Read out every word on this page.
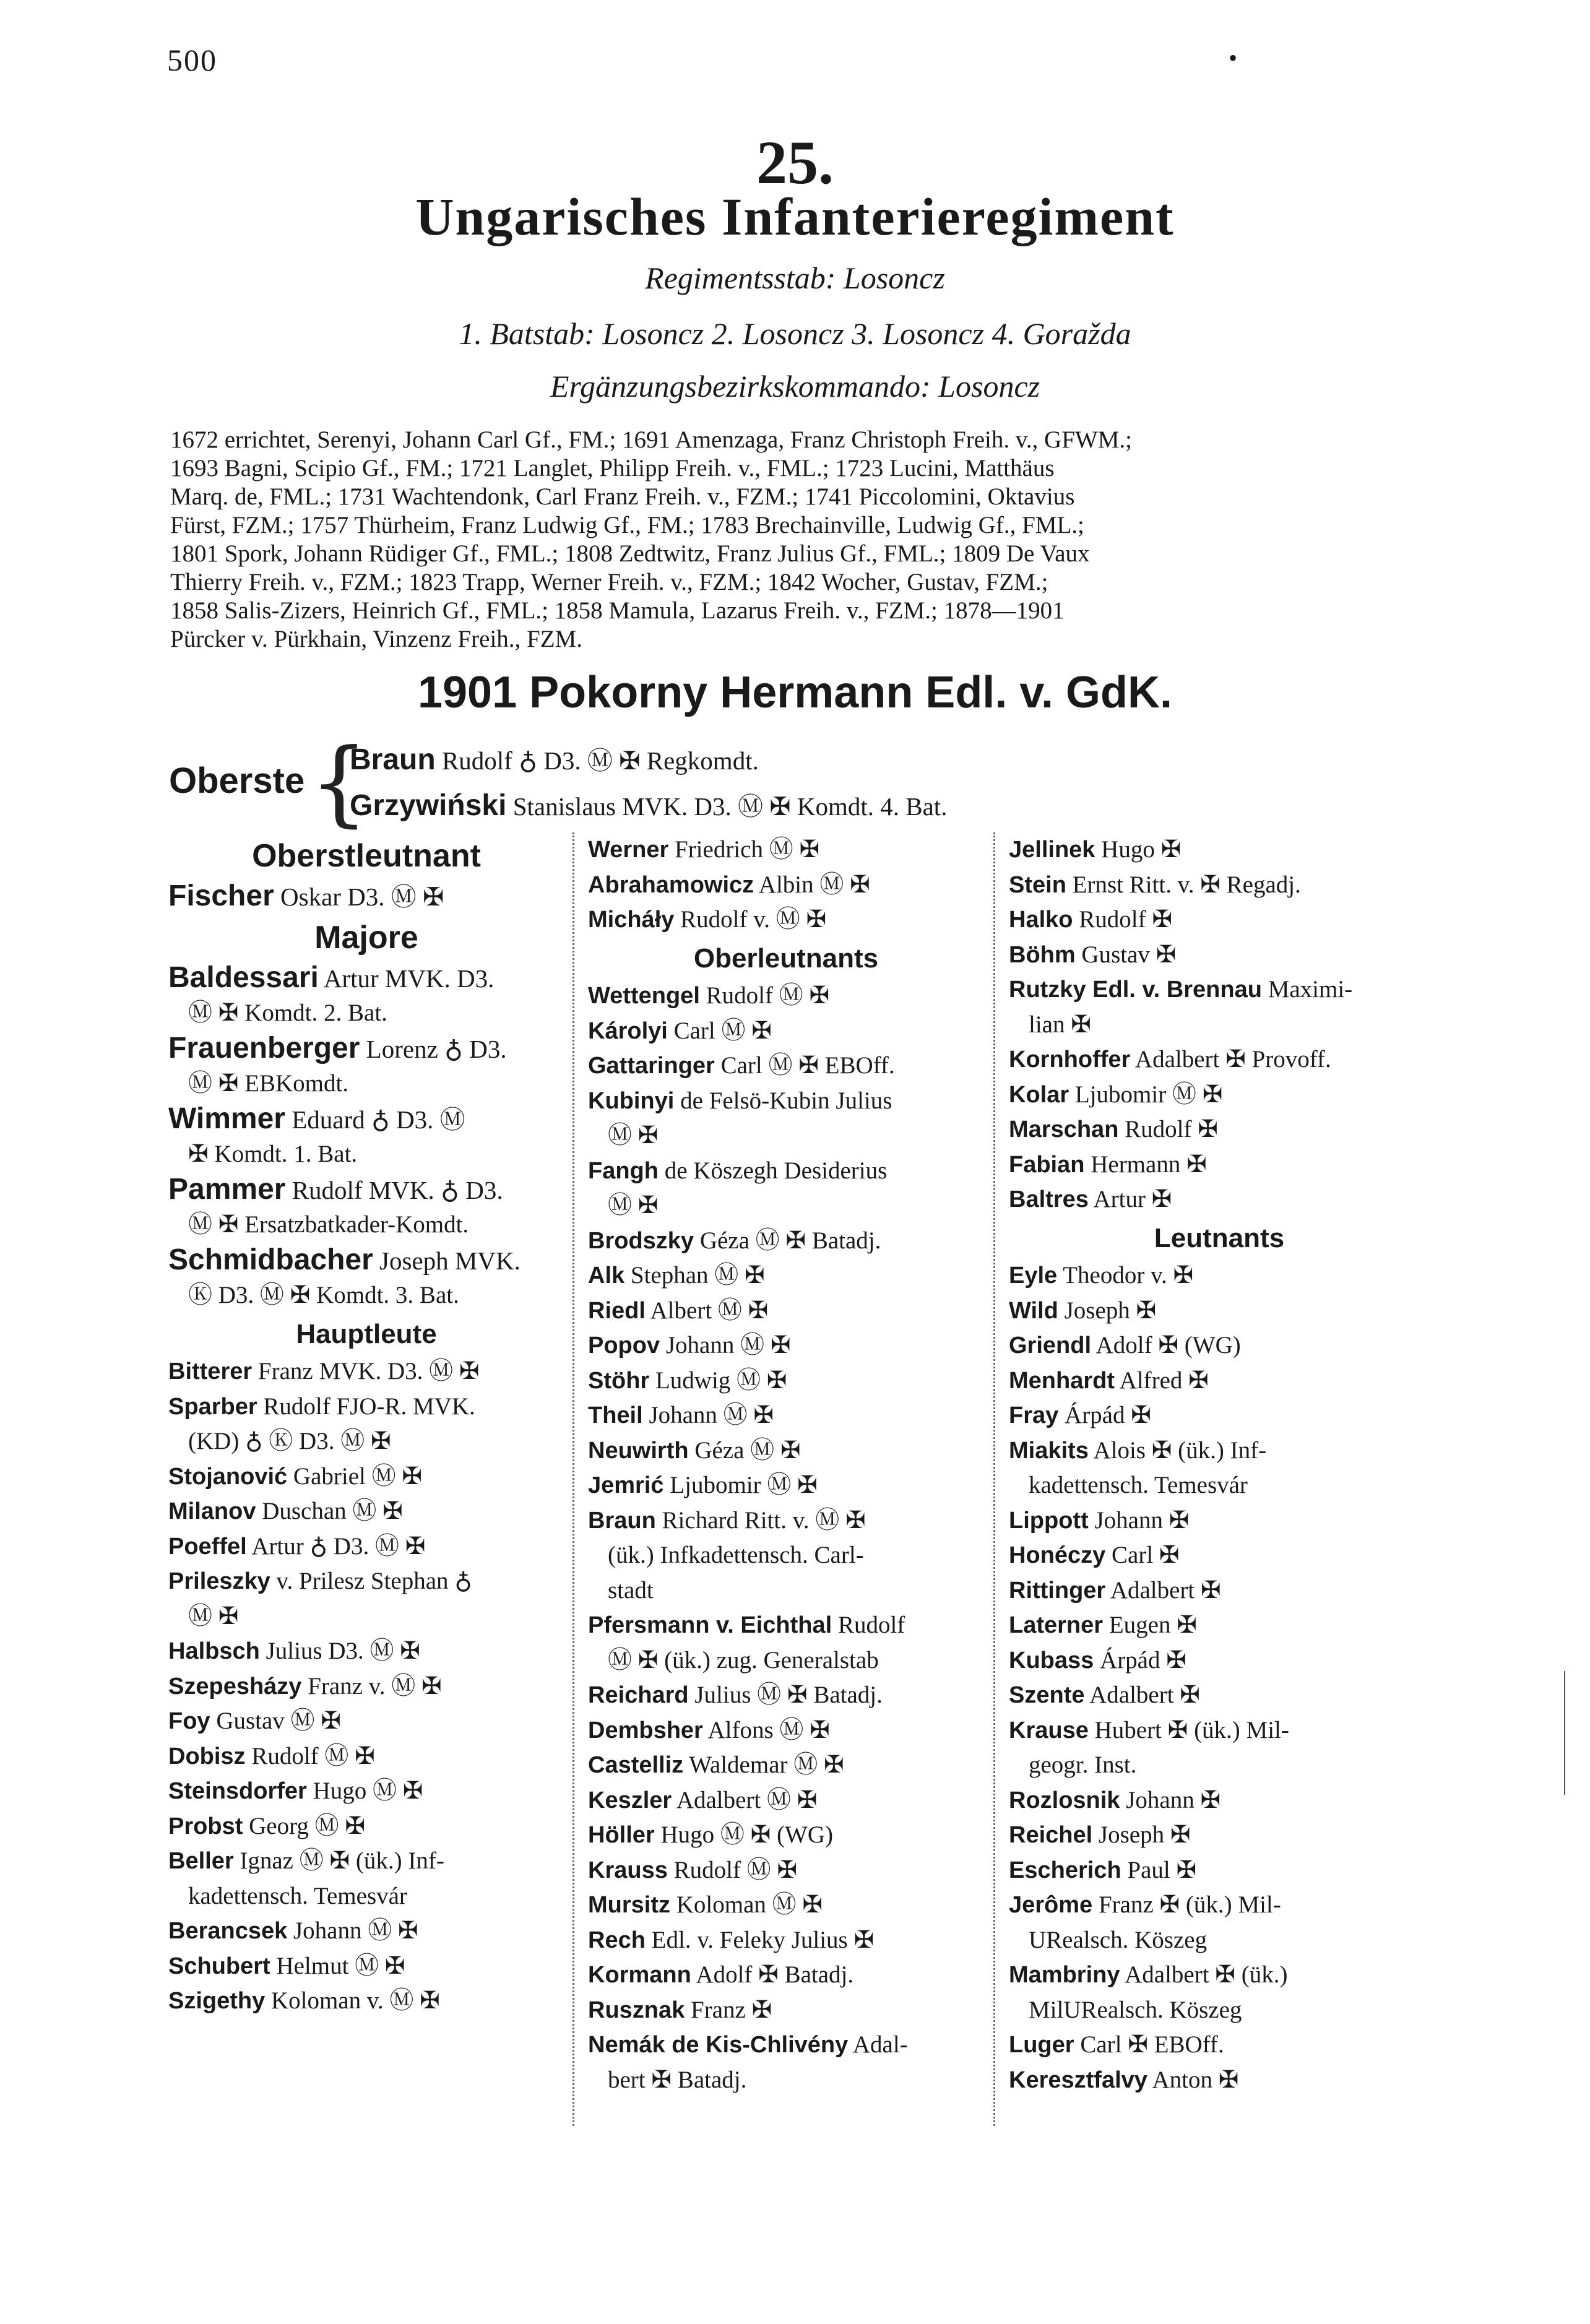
500	•
25.
Ungarisches Infanterieregiment
Regimentsstab: Losoncz
1. Batstab: Losoncz 2. Losoncz 3. Losoncz 4. Goražda
Ergänzungsbezirkskommando: Losoncz

1672 errichtet, Serenyi, Johann Carl Gf., FM.; 1691 Amenzaga, Franz Christoph Freih. v., GFWM.;

1693 Bagni, Scipio Gf., FM.; 1721 Langlet, Philipp Freih. v., FML.; 1723 Lucini, Matthäus

Marq. de, FML.; 1731 Wachtendonk, Carl Franz Freih. v., FZM.; 1741 Piccolomini, Oktavius

Fürst, FZM.; 1757 Thürheim, Franz Ludwig Gf., FM.; 1783 Brechainville, Ludwig Gf., FML.;

1801 Spork, Johann Rüdiger Gf., FML.; 1808 Zedtwitz, Franz Julius Gf., FML.; 1809 De Vaux

Thierry Freih. v., FZM.; 1823 Trapp, Werner Freih. v., FZM.; 1842 Wocher, Gustav, FZM.;

1858 Salis-Zizers, Heinrich Gf., FML.; 1858 Mamula, Lazarus Freih. v., FZM.; 1878—1901

Pürcker v. Pürkhain, Vinzenz Freih., FZM.

1901 Pokorny Hermann Edl. v. GdK.
Oberste {
Braun Rudolf ♁ D3. Ⓜ ✠ Regkomdt.
Grzywiński Stanislaus MVK. D3. Ⓜ ✠ Komdt. 4. Bat.
Oberstleutnant
Fischer Oskar D3. Ⓜ ✠
Majore
Baldessari Artur MVK. D3.
Ⓜ ✠ Komdt. 2. Bat.
Frauenberger Lorenz ♁ D3.
Ⓜ ✠ EBKomdt.
Wimmer Eduard ♁ D3. Ⓜ
✠ Komdt. 1. Bat.
Pammer Rudolf MVK. ♁ D3.
Ⓜ ✠ Ersatzbatkader-Komdt.
Schmidbacher Joseph MVK.
Ⓚ D3. Ⓜ ✠ Komdt. 3. Bat.
Hauptleute
Bitterer Franz MVK. D3. Ⓜ ✠
Sparber Rudolf FJO-R. MVK.
(KD) ♁ Ⓚ D3. Ⓜ ✠
Stojanović Gabriel Ⓜ ✠
Milanov Duschan Ⓜ ✠
Poeffel Artur ♁ D3. Ⓜ ✠
Prileszky v. Prilesz Stephan ♁
Ⓜ ✠
Halbsch Julius D3. Ⓜ ✠
Szepesházy Franz v. Ⓜ ✠
Foy Gustav Ⓜ ✠
Dobisz Rudolf Ⓜ ✠
Steinsdorfer Hugo Ⓜ ✠
Probst Georg Ⓜ ✠
Beller Ignaz Ⓜ ✠ (ük.) Inf-
kadettensch. Temesvár
Berancsek Johann Ⓜ ✠
Schubert Helmut Ⓜ ✠
Szigethy Koloman v. Ⓜ ✠
Werner Friedrich Ⓜ ✠
Abrahamowicz Albin Ⓜ ✠
Micháły Rudolf v. Ⓜ ✠
Oberleutnants
Wettengel Rudolf Ⓜ ✠
Károlyi Carl Ⓜ ✠
Gattaringer Carl Ⓜ ✠ EBOff.
Kubinyi de Felsö-Kubin Julius
Ⓜ ✠
Fangh de Köszegh Desiderius
Ⓜ ✠
Brodszky Géza Ⓜ ✠ Batadj.
Alk Stephan Ⓜ ✠
Riedl Albert Ⓜ ✠
Popov Johann Ⓜ ✠
Stöhr Ludwig Ⓜ ✠
Theil Johann Ⓜ ✠
Neuwirth Géza Ⓜ ✠
Jemrić Ljubomir Ⓜ ✠
Braun Richard Ritt. v. Ⓜ ✠
(ük.) Infkadettensch. Carl-
stadt
Pfersmann v. Eichthal Rudolf
Ⓜ ✠ (ük.) zug. Generalstab
Reichard Julius Ⓜ ✠ Batadj.
Dembsher Alfons Ⓜ ✠
Castelliz Waldemar Ⓜ ✠
Keszler Adalbert Ⓜ ✠
Höller Hugo Ⓜ ✠ (WG)
Krauss Rudolf Ⓜ ✠
Mursitz Koloman Ⓜ ✠
Rech Edl. v. Feleky Julius ✠
Kormann Adolf ✠ Batadj.
Rusznak Franz ✠
Nemák de Kis-Chlivény Adal-
bert ✠ Batadj.
Jellinek Hugo ✠
Stein Ernst Ritt. v. ✠ Regadj.
Halko Rudolf ✠
Böhm Gustav ✠
Rutzky Edl. v. Brennau Maximi-
lian ✠
Kornhoffer Adalbert ✠ Provoff.
Kolar Ljubomir Ⓜ ✠
Marschan Rudolf ✠
Fabian Hermann ✠
Baltres Artur ✠
Leutnants
Eyle Theodor v. ✠
Wild Joseph ✠
Griendl Adolf ✠ (WG)
Menhardt Alfred ✠
Fray Árpád ✠
Miakits Alois ✠ (ük.) Inf-
kadettensch. Temesvár
Lippott Johann ✠
Honéczy Carl ✠
Rittinger Adalbert ✠
Laterner Eugen ✠
Kubass Árpád ✠
Szente Adalbert ✠
Krause Hubert ✠ (ük.) Mil-
geogr. Inst.
Rozlosnik Johann ✠
Reichel Joseph ✠
Escherich Paul ✠
Jerôme Franz ✠ (ük.) Mil-
URealsch. Köszeg
Mambriny Adalbert ✠ (ük.)
MilURealsch. Köszeg
Luger Carl ✠ EBOff.
Keresztfalvy Anton ✠
